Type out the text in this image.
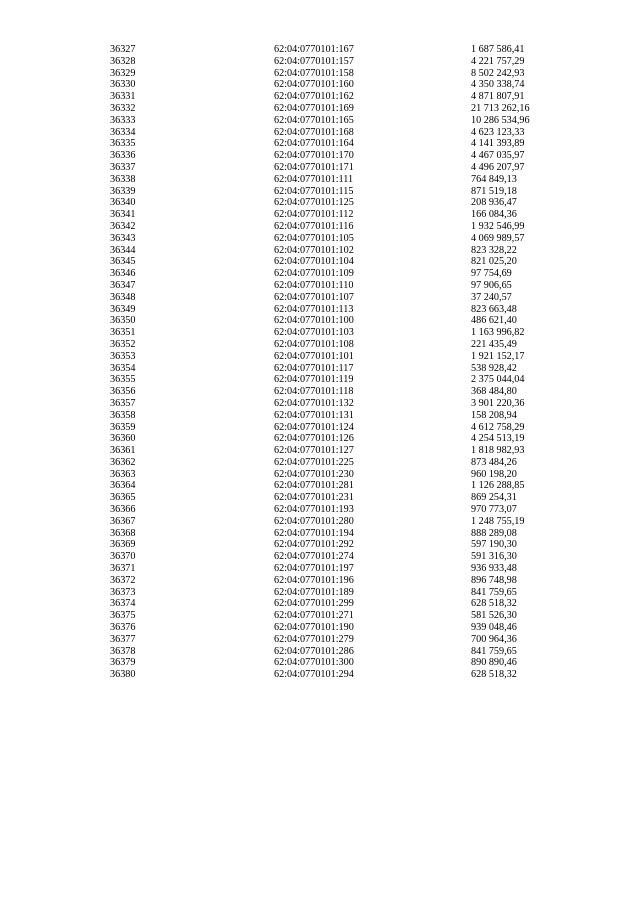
36327	62:04:0770101:167	1 687 586,41
36328	62:04:0770101:157	4 221 757,29
36329	62:04:0770101:158	8 502 242,93
36330	62:04:0770101:160	4 350 338,74
36331	62:04:0770101:162	4 871 807,91
36332	62:04:0770101:169	21 713 262,16
36333	62:04:0770101:165	10 286 534,96
36334	62:04:0770101:168	4 623 123,33
36335	62:04:0770101:164	4 141 393,89
36336	62:04:0770101:170	4 467 035,97
36337	62:04:0770101:171	4 496 207,97
36338	62:04:0770101:111	764 849,13
36339	62:04:0770101:115	871 519,18
36340	62:04:0770101:125	208 936,47
36341	62:04:0770101:112	166 084,36
36342	62:04:0770101:116	1 932 546,99
36343	62:04:0770101:105	4 069 989,57
36344	62:04:0770101:102	823 328,22
36345	62:04:0770101:104	821 025,20
36346	62:04:0770101:109	97 754,69
36347	62:04:0770101:110	97 906,65
36348	62:04:0770101:107	37 240,57
36349	62:04:0770101:113	823 663,48
36350	62:04:0770101:100	486 621,40
36351	62:04:0770101:103	1 163 996,82
36352	62:04:0770101:108	221 435,49
36353	62:04:0770101:101	1 921 152,17
36354	62:04:0770101:117	538 928,42
36355	62:04:0770101:119	2 375 044,04
36356	62:04:0770101:118	368 484,80
36357	62:04:0770101:132	3 901 220,36
36358	62:04:0770101:131	158 208,94
36359	62:04:0770101:124	4 612 758,29
36360	62:04:0770101:126	4 254 513,19
36361	62:04:0770101:127	1 818 982,93
36362	62:04:0770101:225	873 484,26
36363	62:04:0770101:230	960 198,20
36364	62:04:0770101:281	1 126 288,85
36365	62:04:0770101:231	869 254,31
36366	62:04:0770101:193	970 773,07
36367	62:04:0770101:280	1 248 755,19
36368	62:04:0770101:194	888 289,08
36369	62:04:0770101:292	597 190,30
36370	62:04:0770101:274	591 316,30
36371	62:04:0770101:197	936 933,48
36372	62:04:0770101:196	896 748,98
36373	62:04:0770101:189	841 759,65
36374	62:04:0770101:299	628 518,32
36375	62:04:0770101:271	581 526,30
36376	62:04:0770101:190	939 048,46
36377	62:04:0770101:279	700 964,36
36378	62:04:0770101:286	841 759,65
36379	62:04:0770101:300	890 890,46
36380	62:04:0770101:294	628 518,32
